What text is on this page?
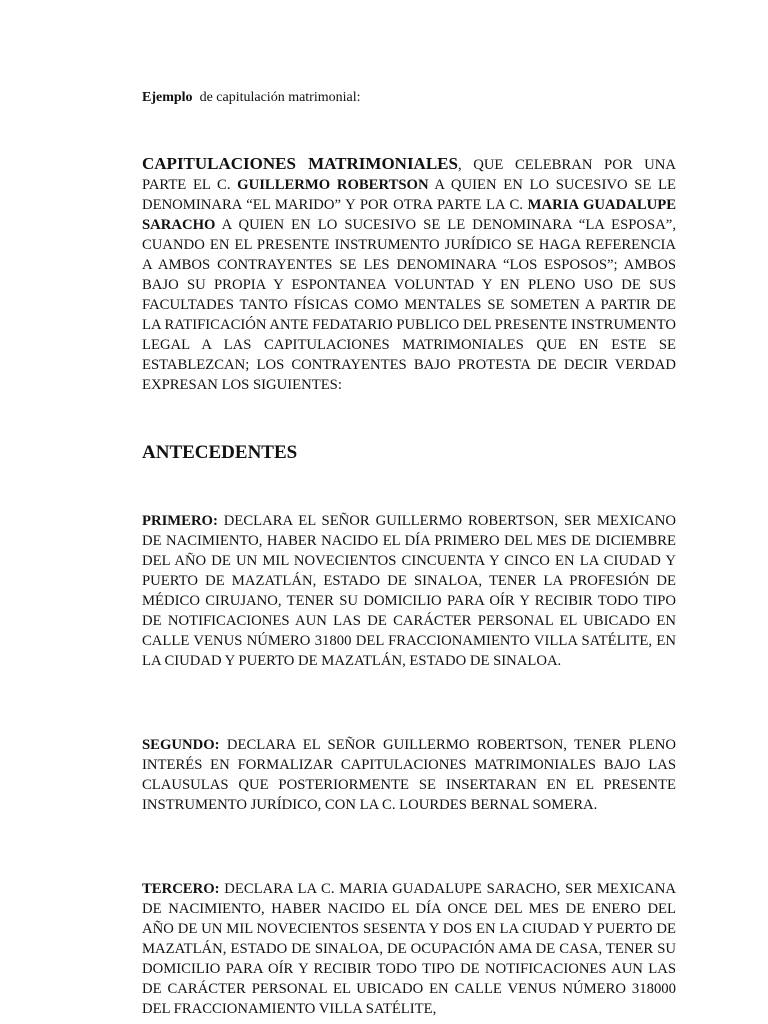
Ejemplo de capitulación matrimonial:

CAPITULACIONES MATRIMONIALES, QUE CELEBRAN POR UNA PARTE EL C. GUILLERMO ROBERTSON A QUIEN EN LO SUCESIVO SE LE DENOMINARA “EL MARIDO” Y POR OTRA PARTE LA C. MARIA GUADALUPE SARACHO A QUIEN EN LO SUCESIVO SE LE DENOMINARA “LA ESPOSA”, CUANDO EN EL PRESENTE INSTRUMENTO JURÍDICO SE HAGA REFERENCIA A AMBOS CONTRAYENTES SE LES DENOMINARA “LOS ESPOSOS”; AMBOS BAJO SU PROPIA Y ESPONTANEA VOLUNTAD Y EN PLENO USO DE SUS FACULTADES TANTO FÍSICAS COMO MENTALES SE SOMETEN A PARTIR DE LA RATIFICACIÓN ANTE FEDATARIO PUBLICO DEL PRESENTE INSTRUMENTO LEGAL A LAS CAPITULACIONES MATRIMONIALES QUE EN ESTE SE ESTABLEZCAN; LOS CONTRAYENTES BAJO PROTESTA DE DECIR VERDAD EXPRESAN LOS SIGUIENTES:

ANTECEDENTES

PRIMERO: DECLARA EL SEÑOR GUILLERMO ROBERTSON, SER MEXICANO DE NACIMIENTO, HABER NACIDO EL DÍA PRIMERO DEL MES DE DICIEMBRE DEL AÑO DE UN MIL NOVECIENTOS CINCUENTA Y CINCO EN LA CIUDAD Y PUERTO DE MAZATLÁN, ESTADO DE SINALOA, TENER LA PROFESIÓN DE MÉDICO CIRUJANO, TENER SU DOMICILIO PARA OÍR Y RECIBIR TODO TIPO DE NOTIFICACIONES AUN LAS DE CARÁCTER PERSONAL EL UBICADO EN CALLE VENUS NÚMERO 31800 DEL FRACCIONAMIENTO VILLA SATÉLITE, EN LA CIUDAD Y PUERTO DE MAZATLÁN, ESTADO DE SINALOA.

SEGUNDO: DECLARA EL SEÑOR GUILLERMO ROBERTSON, TENER PLENO INTERÉS EN FORMALIZAR CAPITULACIONES MATRIMONIALES BAJO LAS CLAUSULAS QUE POSTERIORMENTE SE INSERTARAN EN EL PRESENTE INSTRUMENTO JURÍDICO, CON LA C. LOURDES BERNAL SOMERA.

TERCERO: DECLARA LA C. MARIA GUADALUPE SARACHO, SER MEXICANA DE NACIMIENTO, HABER NACIDO EL DÍA ONCE DEL MES DE ENERO DEL AÑO DE UN MIL NOVECIENTOS SESENTA Y DOS EN LA CIUDAD Y PUERTO DE MAZATLÁN, ESTADO DE SINALOA, DE OCUPACIÓN AMA DE CASA, TENER SU DOMICILIO PARA OÍR Y RECIBIR TODO TIPO DE NOTIFICACIONES AUN LAS DE CARÁCTER PERSONAL EL UBICADO EN CALLE VENUS NÚMERO 318000 DEL FRACCIONAMIENTO VILLA SATÉLITE,
